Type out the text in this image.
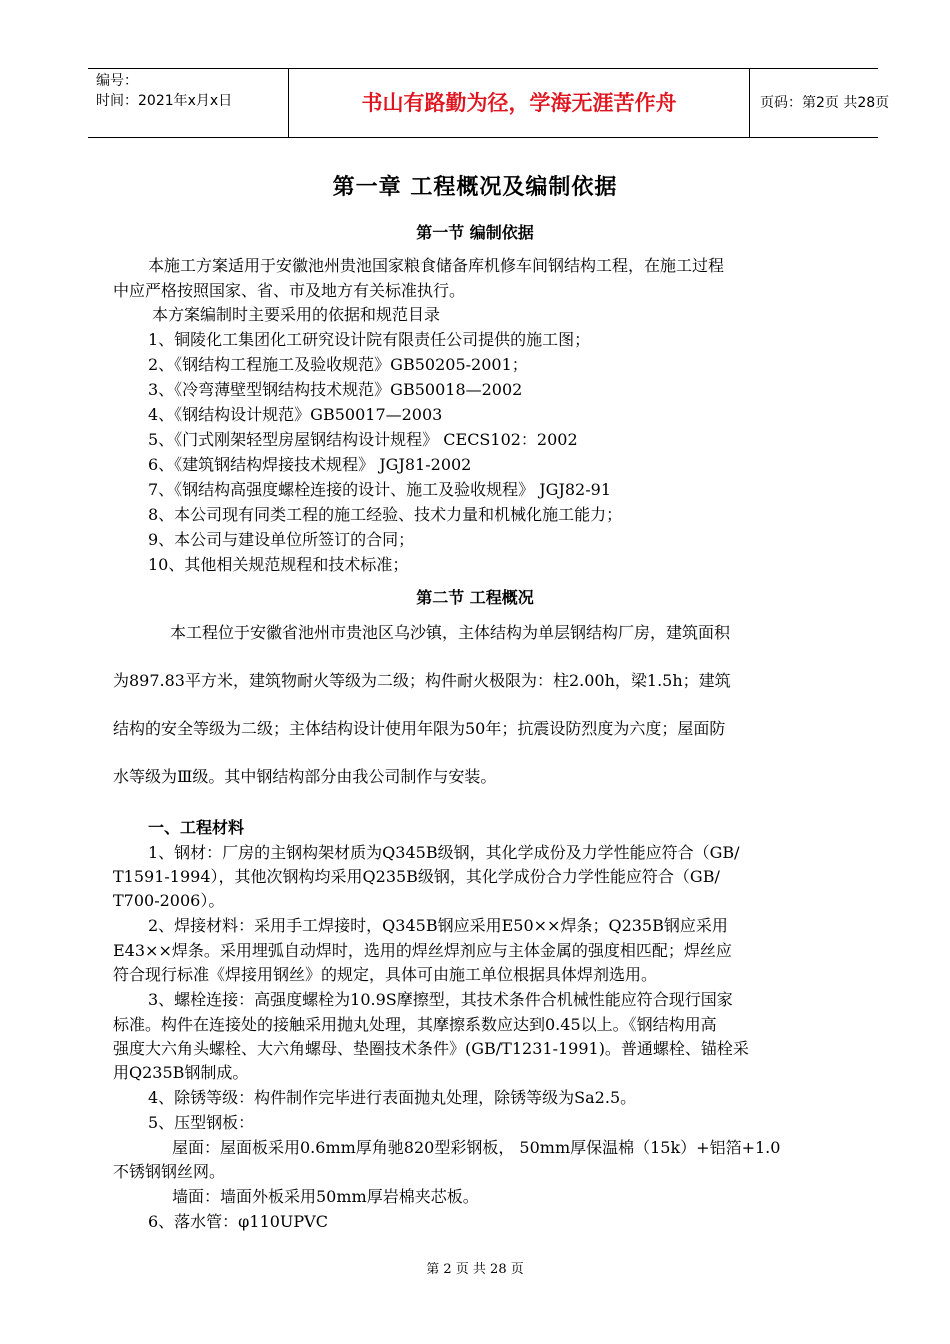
编号：
时间：2021年x月x日	书山有路勤为径，学海无涯苦作舟	页码：第2页 共28页
第一章 工程概况及编制依据
第一节 编制依据
本施工方案适用于安徽池州贵池国家粮食储备库机修车间钢结构工程，在施工过程
中应严格按照国家、省、市及地方有关标准执行。
本方案编制时主要采用的依据和规范目录
1、铜陵化工集团化工研究设计院有限责任公司提供的施工图；
2、《钢结构工程施工及验收规范》GB50205-2001；
3、《冷弯薄壁型钢结构技术规范》GB50018—2002
4、《钢结构设计规范》GB50017—2003
5、《门式刚架轻型房屋钢结构设计规程》 CECS102：2002
6、《建筑钢结构焊接技术规程》 JGJ81-2002
7、《钢结构高强度螺栓连接的设计、施工及验收规程》 JGJ82-91
8、本公司现有同类工程的施工经验、技术力量和机械化施工能力；
9、本公司与建设单位所签订的合同；
10、其他相关规范规程和技术标准；
第二节 工程概况
本工程位于安徽省池州市贵池区乌沙镇，主体结构为单层钢结构厂房，建筑面积
为897.83平方米，建筑物耐火等级为二级；构件耐火极限为：柱2.00h，梁1.5h；建筑
结构的安全等级为二级；主体结构设计使用年限为50年；抗震设防烈度为六度；屋面防
水等级为Ⅲ级。其中钢结构部分由我公司制作与安装。
一、工程材料
1、钢材：厂房的主钢构架材质为Q345B级钢，其化学成份及力学性能应符合（GB/
T1591-1994），其他次钢构均采用Q235B级钢，其化学成份合力学性能应符合（GB/
T700-2006）。
2、焊接材料：采用手工焊接时，Q345B钢应采用E50××焊条；Q235B钢应采用
E43××焊条。采用埋弧自动焊时，选用的焊丝焊剂应与主体金属的强度相匹配；焊丝应
符合现行标准《焊接用钢丝》的规定，具体可由施工单位根据具体焊剂选用。
3、螺栓连接：高强度螺栓为10.9S摩擦型，其技术条件合机械性能应符合现行国家
标准。构件在连接处的接触采用抛丸处理，其摩擦系数应达到0.45以上。《钢结构用高
强度大六角头螺栓、大六角螺母、垫圈技术条件》(GB/T1231-1991)。普通螺栓、锚栓采
用Q235B钢制成。
4、除锈等级：构件制作完毕进行表面抛丸处理，除锈等级为Sa2.5。
5、压型钢板：
屋面：屋面板采用0.6mm厚角驰820型彩钢板， 50mm厚保温棉（15k）+铝箔+1.0
不锈钢钢丝网。
墙面：墙面外板采用50mm厚岩棉夹芯板。
6、落水管：φ110UPVC
第 2 页 共 28 页
